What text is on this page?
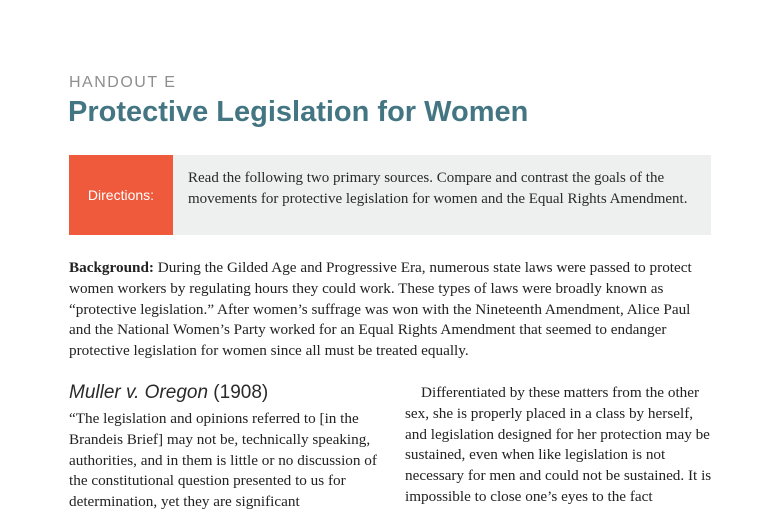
HANDOUT E
Protective Legislation for Women
Directions:
Read the following two primary sources. Compare and contrast the goals of the movements for protective legislation for women and the Equal Rights Amendment.

Background: During the Gilded Age and Progressive Era, numerous state laws were passed to protect women workers by regulating hours they could work. These types of laws were broadly known as “protective legislation.” After women’s suffrage was won with the Nineteenth Amendment, Alice Paul and the National Women’s Party worked for an Equal Rights Amendment that seemed to endanger protective legislation for women since all must be treated equally.

Muller v. Oregon (1908)
“The legislation and opinions referred to [in the Brandeis Brief] may not be, technically speaking, authorities, and in them is little or no discussion of the constitutional question presented to us for determination, yet they are significant
Differentiated by these matters from the other sex, she is properly placed in a class by herself, and legislation designed for her protection may be sustained, even when like legislation is not necessary for men and could not be sustained. It is impossible to close one’s eyes to the fact
